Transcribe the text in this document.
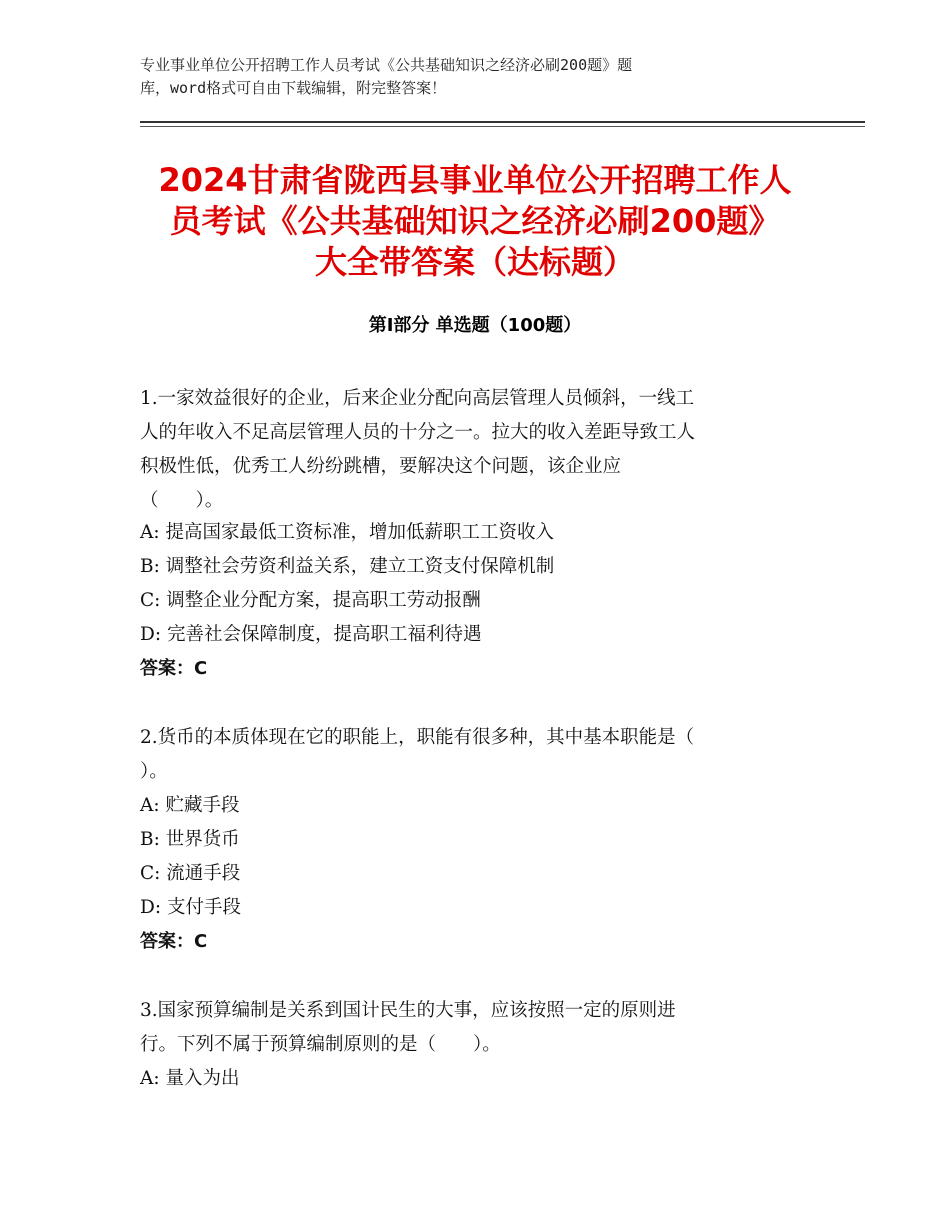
专业事业单位公开招聘工作人员考试《公共基础知识之经济必刷200题》题
库，word格式可自由下载编辑，附完整答案！
2024甘肃省陇西县事业单位公开招聘工作人
员考试《公共基础知识之经济必刷200题》
大全带答案（达标题）
第Ⅰ部分 单选题（100题）
1.一家效益很好的企业，后来企业分配向高层管理人员倾斜，一线工
人的年收入不足高层管理人员的十分之一。拉大的收入差距导致工人
积极性低，优秀工人纷纷跳槽，要解决这个问题，该企业应
（　　）。
A: 提高国家最低工资标准，增加低薪职工工资收入
B: 调整社会劳资利益关系，建立工资支付保障机制
C: 调整企业分配方案，提高职工劳动报酬
D: 完善社会保障制度，提高职工福利待遇
答案：C
2.货币的本质体现在它的职能上，职能有很多种，其中基本职能是（
）。
A: 贮藏手段
B: 世界货币
C: 流通手段
D: 支付手段
答案：C
3.国家预算编制是关系到国计民生的大事，应该按照一定的原则进
行。下列不属于预算编制原则的是（　　）。
A: 量入为出
